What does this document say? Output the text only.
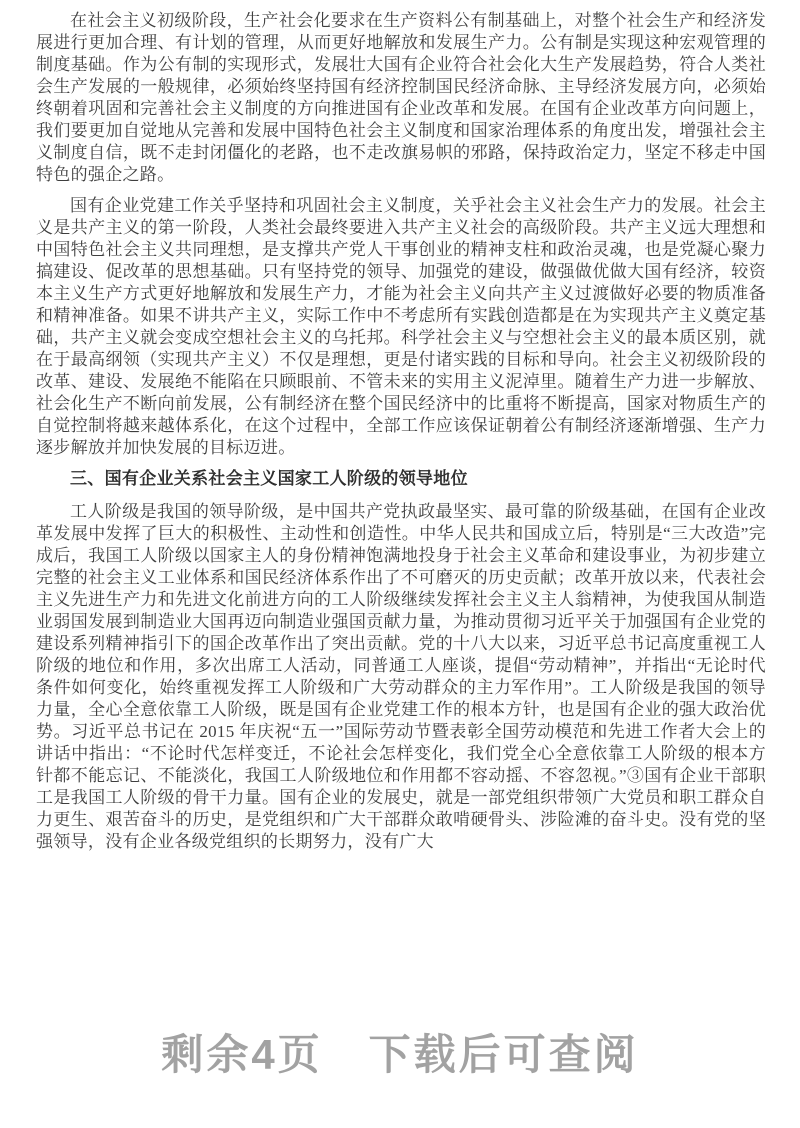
在社会主义初级阶段，生产社会化要求在生产资料公有制基础上，对整个社会生产和经济发展进行更加合理、有计划的管理，从而更好地解放和发展生产力。公有制是实现这种宏观管理的制度基础。作为公有制的实现形式，发展壮大国有企业符合社会化大生产发展趋势，符合人类社会生产发展的一般规律，必须始终坚持国有经济控制国民经济命脉、主导经济发展方向，必须始终朝着巩固和完善社会主义制度的方向推进国有企业改革和发展。在国有企业改革方向问题上，我们要更加自觉地从完善和发展中国特色社会主义制度和国家治理体系的角度出发，增强社会主义制度自信，既不走封闭僵化的老路，也不走改旗易帜的邪路，保持政治定力，坚定不移走中国特色的强企之路。

国有企业党建工作关乎坚持和巩固社会主义制度，关乎社会主义社会生产力的发展。社会主义是共产主义的第一阶段，人类社会最终要进入共产主义社会的高级阶段。共产主义远大理想和中国特色社会主义共同理想，是支撑共产党人干事创业的精神支柱和政治灵魂，也是党凝心聚力搞建设、促改革的思想基础。只有坚持党的领导、加强党的建设，做强做优做大国有经济，较资本主义生产方式更好地解放和发展生产力，才能为社会主义向共产主义过渡做好必要的物质准备和精神准备。如果不讲共产主义，实际工作中不考虑所有实践创造都是在为实现共产主义奠定基础，共产主义就会变成空想社会主义的乌托邦。科学社会主义与空想社会主义的最本质区别，就在于最高纲领（实现共产主义）不仅是理想，更是付诸实践的目标和导向。社会主义初级阶段的改革、建设、发展绝不能陷在只顾眼前、不管未来的实用主义泥淖里。随着生产力进一步解放、社会化生产不断向前发展，公有制经济在整个国民经济中的比重将不断提高，国家对物质生产的自觉控制将越来越体系化，在这个过程中，全部工作应该保证朝着公有制经济逐渐增强、生产力逐步解放并加快发展的目标迈进。

三、国有企业关系社会主义国家工人阶级的领导地位

工人阶级是我国的领导阶级，是中国共产党执政最坚实、最可靠的阶级基础，在国有企业改革发展中发挥了巨大的积极性、主动性和创造性。中华人民共和国成立后，特别是“三大改造”完成后，我国工人阶级以国家主人的身份精神饱满地投身于社会主义革命和建设事业，为初步建立完整的社会主义工业体系和国民经济体系作出了不可磨灭的历史贡献；改革开放以来，代表社会主义先进生产力和先进文化前进方向的工人阶级继续发挥社会主义主人翁精神，为使我国从制造业弱国发展到制造业大国再迈向制造业强国贡献力量，为推动贯彻习近平关于加强国有企业党的建设系列精神指引下的国企改革作出了突出贡献。党的十八大以来，习近平总书记高度重视工人阶级的地位和作用，多次出席工人活动，同普通工人座谈，提倡“劳动精神”，并指出“无论时代条件如何变化，始终重视发挥工人阶级和广大劳动群众的主力军作用”。工人阶级是我国的领导力量，全心全意依靠工人阶级，既是国有企业党建工作的根本方针，也是国有企业的强大政治优势。习近平总书记在 2015 年庆祝“五一”国际劳动节暨表彰全国劳动模范和先进工作者大会上的讲话中指出：“不论时代怎样变迁，不论社会怎样变化，我们党全心全意依靠工人阶级的根本方针都不能忘记、不能淡化，我国工人阶级地位和作用都不容动摇、不容忽视。”③国有企业干部职工是我国工人阶级的骨干力量。国有企业的发展史，就是一部党组织带领广大党员和职工群众自力更生、艰苦奋斗的历史，是党组织和广大干部群众敢啃硬骨头、涉险滩的奋斗史。没有党的坚强领导，没有企业各级党组织的长期努力，没有广大

剩余4页 下载后可查阅
